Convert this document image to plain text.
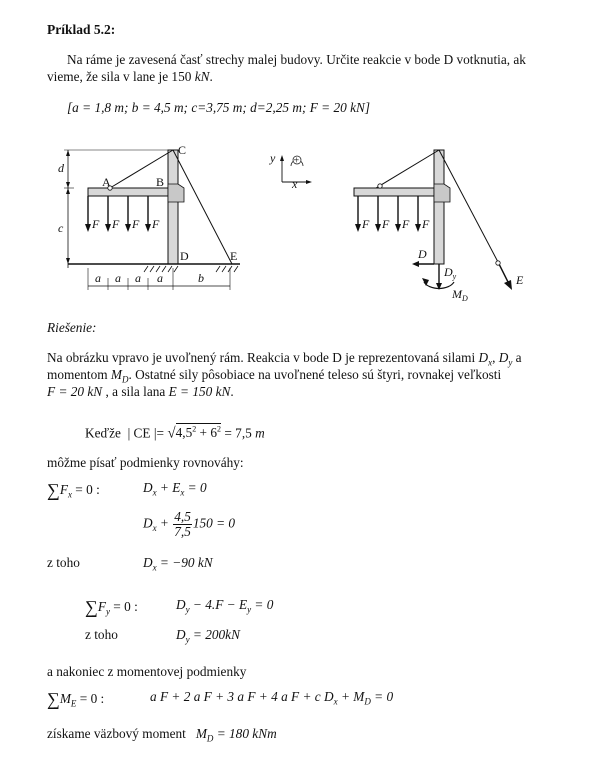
Príklad 5.2:
Na ráme je zavesená časť strechy malej budovy. Určite reakcie v bode D votknutia, ak
vieme, že sila v lane je 150 kN.
[a = 1,8 m; b = 4,5 m; c=3,75 m; d=2,25 m; F = 20 kN]
d
c F F F F
a a a a	b
C
A	B
D	E
y
x
+
E
F F F F
D
$D_y$
$M_D$
Riešenie:
Na obrázku vpravo je uvoľnený rám. Reakcia v bode D je reprezentovaná silami $D_x$, $D_y$ a
momentom $M_D$. Ostatné sily pôsobiace na uvoľnené teleso sú štyri, rovnakej veľkosti
F = 20 kN , a sila lana E = 150 kN.
Keďže | CE |= $√4,5^2 + 6^2 = 7,5$ m
môžme písať podmienky rovnováhy:
$\sum F_x = 0$ :	$D_x + E_x = 0$
$D_x + \frac{4,5}{7,5} 150 = 0$
z toho	$D_x = -90$ kN
$\sum F_y = 0$ :	$D_y - 4.F - E_y = 0$
z toho	$D_y = 200kN$
a nakoniec z momentovej podmienky
$\sum M_E = 0$ :	a F + 2 a F + 3 a F + 4 a F + c $D_x + M_D = 0$
získame väzbový moment $M_D = 180$ kNm
